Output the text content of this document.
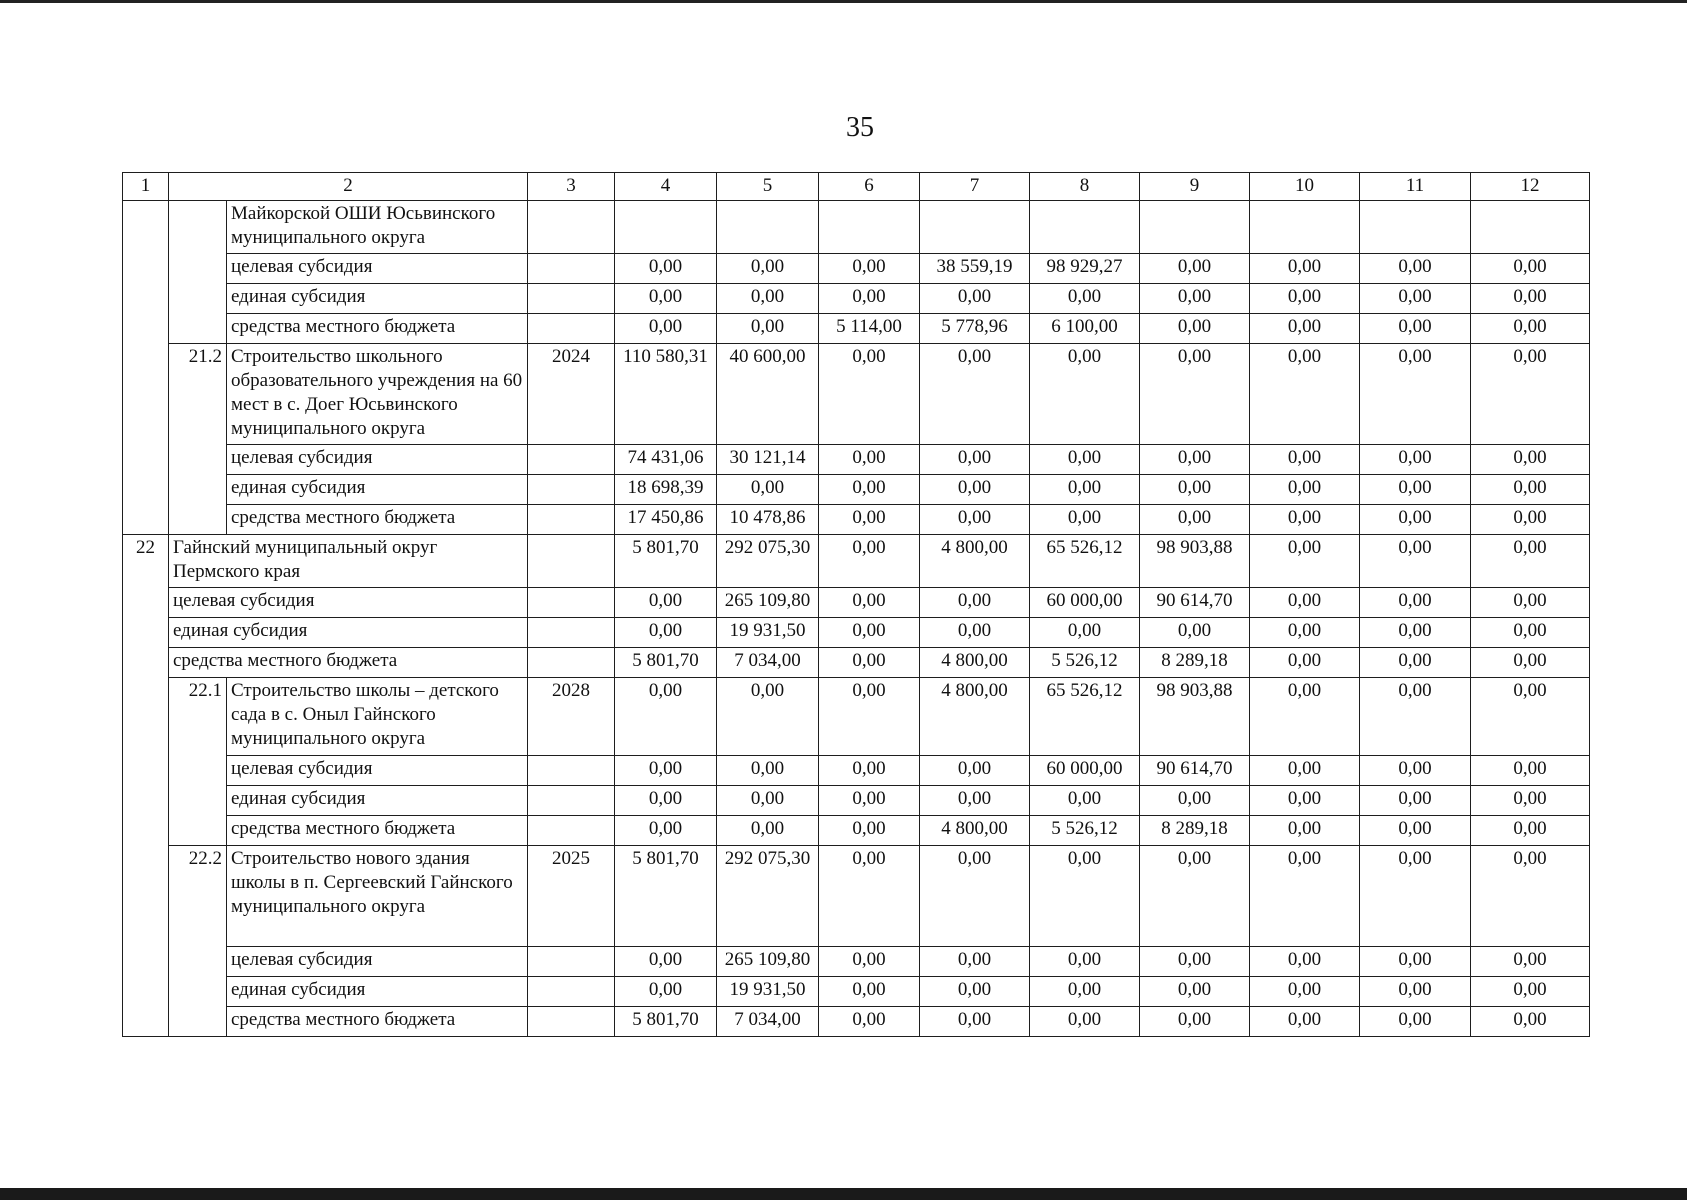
35
1	2		3	4	5	6	7	8	9	10	11	12
		Майкорской ОШИ Юсьвинского муниципального округа										
		целевая субсидия		0,00	0,00	0,00	38 559,19	98 929,27	0,00	0,00	0,00	0,00
		единая субсидия		0,00	0,00	0,00	0,00	0,00	0,00	0,00	0,00	0,00
		средства местного бюджета		0,00	0,00	5 114,00	5 778,96	6 100,00	0,00	0,00	0,00	0,00
	21.2	Строительство школьного образовательного учреждения на 60 мест в с. Доег Юсьвинского муниципального округа	2024	110 580,31	40 600,00	0,00	0,00	0,00	0,00	0,00	0,00	0,00
		целевая субсидия		74 431,06	30 121,14	0,00	0,00	0,00	0,00	0,00	0,00	0,00
		единая субсидия		18 698,39	0,00	0,00	0,00	0,00	0,00	0,00	0,00	0,00
		средства местного бюджета		17 450,86	10 478,86	0,00	0,00	0,00	0,00	0,00	0,00	0,00
22	Гайнский муниципальный округ Пермского края			5 801,70	292 075,30	0,00	4 800,00	65 526,12	98 903,88	0,00	0,00	0,00
	целевая субсидия			0,00	265 109,80	0,00	0,00	60 000,00	90 614,70	0,00	0,00	0,00
	единая субсидия			0,00	19 931,50	0,00	0,00	0,00	0,00	0,00	0,00	0,00
	средства местного бюджета			5 801,70	7 034,00	0,00	4 800,00	5 526,12	8 289,18	0,00	0,00	0,00
	22.1	Строительство школы – детского сада в с. Оныл Гайнского муниципального округа	2028	0,00	0,00	0,00	4 800,00	65 526,12	98 903,88	0,00	0,00	0,00
		целевая субсидия		0,00	0,00	0,00	0,00	60 000,00	90 614,70	0,00	0,00	0,00
		единая субсидия		0,00	0,00	0,00	0,00	0,00	0,00	0,00	0,00	0,00
		средства местного бюджета		0,00	0,00	0,00	4 800,00	5 526,12	8 289,18	0,00	0,00	0,00
	22.2	Строительство нового здания школы в п. Сергеевский Гайнского муниципального округа	2025	5 801,70	292 075,30	0,00	0,00	0,00	0,00	0,00	0,00	0,00
		целевая субсидия		0,00	265 109,80	0,00	0,00	0,00	0,00	0,00	0,00	0,00
		единая субсидия		0,00	19 931,50	0,00	0,00	0,00	0,00	0,00	0,00	0,00
		средства местного бюджета		5 801,70	7 034,00	0,00	0,00	0,00	0,00	0,00	0,00	0,00
